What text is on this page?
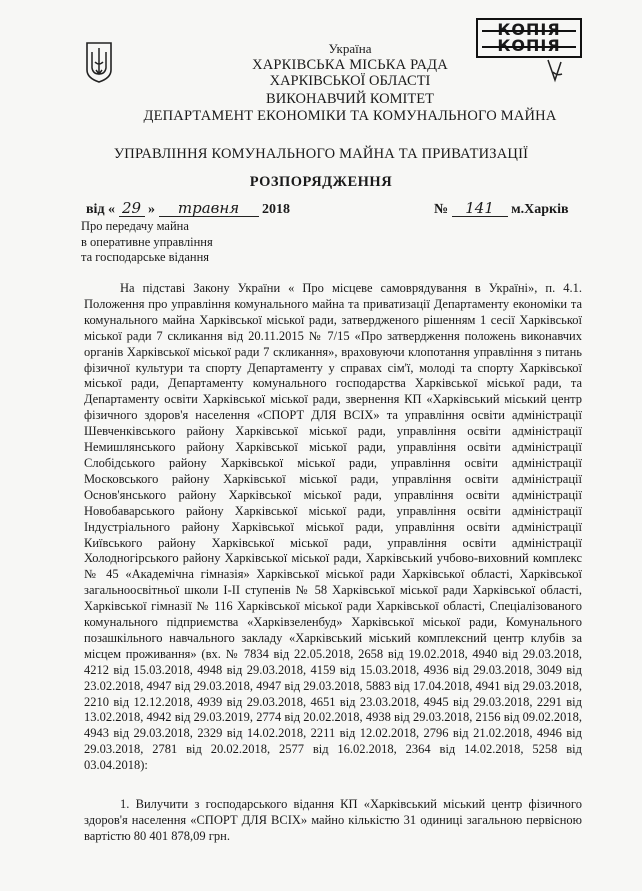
Україна
ХАРКІВСЬКА МІСЬКА РАДА
ХАРКІВСЬКОЇ ОБЛАСТІ
ВИКОНАВЧИЙ КОМІТЕТ
ДЕПАРТАМЕНТ ЕКОНОМІКИ ТА КОМУНАЛЬНОГО МАЙНА
УПРАВЛІННЯ КОМУНАЛЬНОГО МАЙНА ТА ПРИВАТИЗАЦІЇ
РОЗПОРЯДЖЕННЯ
від « 29 » травня 2018	№ 141 м.Харків
Про передачу майна
в оперативне управління
та господарське відання
На підставі Закону України « Про місцеве самоврядування в Україні», п. 4.1. Положення про управління комунального майна та приватизації Департаменту економіки та комунального майна Харківської міської ради, затвердженого рішенням 1 сесії Харківської міської ради 7 скликання від 20.11.2015 № 7/15 «Про затвердження положень виконавчих органів Харківської міської ради 7 скликання», враховуючи клопотання управління з питань фізичної культури та спорту Департаменту у справах сім'ї, молоді та спорту Харківської міської ради, Департаменту комунального господарства Харківської міської ради, та Департаменту освіти Харківської міської ради, звернення КП «Харківський міський центр фізичного здоров'я населення «СПОРТ ДЛЯ ВСІХ» та управління освіти адміністрації Шевченківського району Харківської міської ради, управління освіти адміністрації Немишлянського району Харківської міської ради, управління освіти адміністрації Слобідського району Харківської міської ради, управління освіти адміністрації Московського району Харківської міської ради, управління освіти адміністрації Основ'янського району Харківської міської ради, управління освіти адміністрації Новобаварського району Харківської міської ради, управління освіти адміністрації Індустріального району Харківської міської ради, управління освіти адміністрації Київського району Харківської міської ради, управління освіти адміністрації Холодногірського району Харківської міської ради, Харківський учбово-виховний комплекс № 45 «Академічна гімназія» Харківської міської ради Харківської області, Харківської загальноосвітньої школи І-ІІ ступенів № 58 Харківської міської ради Харківської області, Харківської гімназії № 116 Харківської міської ради Харківської області, Спеціалізованого комунального підприємства «Харківзеленбуд» Харківської міської ради, Комунального позашкільного навчального закладу «Харківський міський комплексний центр клубів за місцем проживання» (вх. № 7834 від 22.05.2018, 2658 від 19.02.2018, 4940 від 29.03.2018, 4212 від 15.03.2018, 4948 від 29.03.2018, 4159 від 15.03.2018, 4936 від 29.03.2018, 3049 від 23.02.2018, 4947 від 29.03.2018, 4947 від 29.03.2018, 5883 від 17.04.2018, 4941 від 29.03.2018, 2210 від 12.12.2018, 4939 від 29.03.2018, 4651 від 23.03.2018, 4945 від 29.03.2018, 2291 від 13.02.2018, 4942 від 29.03.2019, 2774 від 20.02.2018, 4938 від 29.03.2018, 2156 від 09.02.2018, 4943 від 29.03.2018, 2329 від 14.02.2018, 2211 від 12.02.2018, 2796 від 21.02.2018, 4946 від 29.03.2018, 2781 від 20.02.2018, 2577 від 16.02.2018, 2364 від 14.02.2018, 5258 від 03.04.2018):
1. Вилучити з господарського відання КП «Харківський міський центр фізичного здоров'я населення «СПОРТ ДЛЯ ВСІХ» майно кількістю 31 одиниці загальною первісною вартістю 80 401 878,09 грн.
